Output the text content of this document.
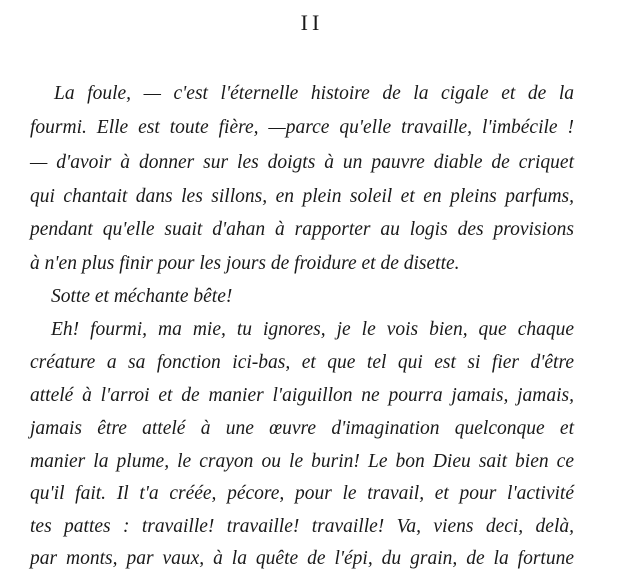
II
La foule, — c'est l'éternelle histoire de la cigale et de la
fourmi. Elle est toute fière, —parce qu'elle travaille, l'imbécile !
— d'avoir à donner sur les doigts à un pauvre diable de criquet
qui chantait dans les sillons, en plein soleil et en pleins parfums,
pendant qu'elle suait d'ahan à rapporter au logis des provisions
à n'en plus finir pour les jours de froidure et de disette.
Sotte et méchante bête!
Eh! fourmi, ma mie, tu ignores, je le vois bien, que chaque
créature a sa fonction ici-bas, et que tel qui est si fier d'être
attelé à l'arroi et de manier l'aiguillon ne pourra jamais, jamais,
jamais être attelé à une œuvre d'imagination quelconque et
manier la plume, le crayon ou le burin! Le bon Dieu sait bien ce
qu'il fait. Il t'a créée, pécore, pour le travail, et pour l'activité
tes pattes : travaille! travaille! travaille! Va, viens deci, delà,
par monts, par vaux, à la quête de l'épi, du grain, de la fortune
